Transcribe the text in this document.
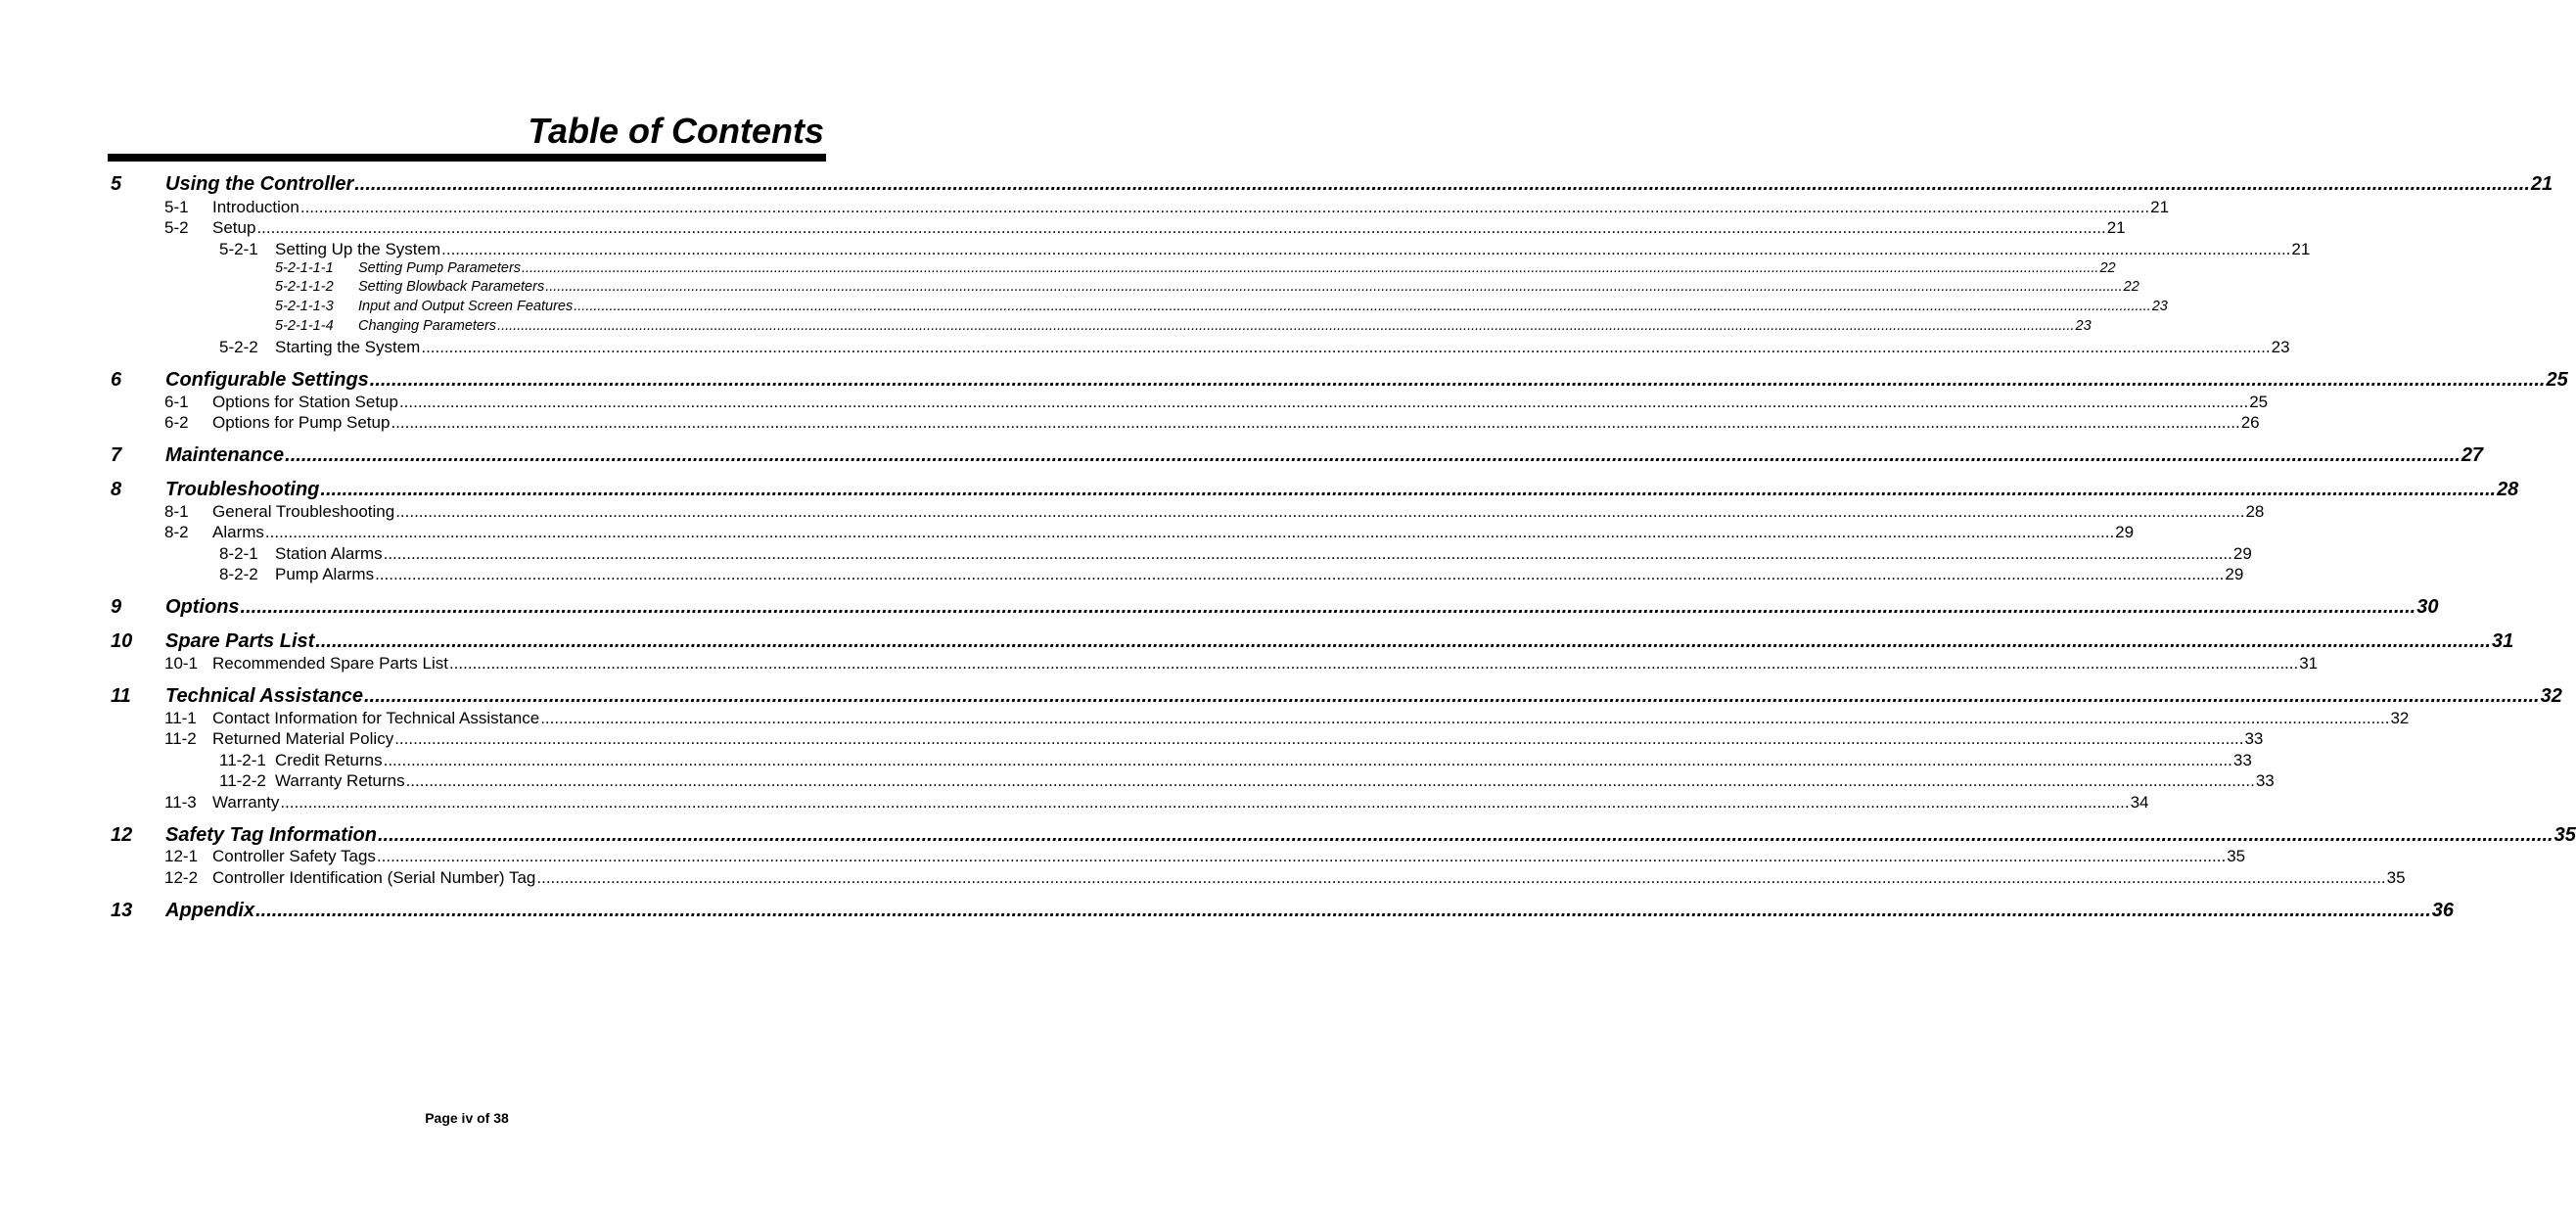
Table of Contents
5	Using the Controller ................................................................................................................................................................................................................................................................................................................................................................................................................ 21
5-1	Introduction ................................................................................................................................................................................................................................................................................................................................................................................................................ 21
5-2	Setup ................................................................................................................................................................................................................................................................................................................................................................................................................ 21
5-2-1	Setting Up the System ................................................................................................................................................................................................................................................................................................................................................................................................................ 21
5-2-1-1-1	Setting Pump Parameters ................................................................................................................................................................................................................................................................................................................................................................................................................ 22
5-2-1-1-2	Setting Blowback Parameters ................................................................................................................................................................................................................................................................................................................................................................................................................ 22
5-2-1-1-3	Input and Output Screen Features ................................................................................................................................................................................................................................................................................................................................................................................................................ 23
5-2-1-1-4	Changing Parameters ................................................................................................................................................................................................................................................................................................................................................................................................................ 23
5-2-2	Starting the System ................................................................................................................................................................................................................................................................................................................................................................................................................ 23
6	Configurable Settings ................................................................................................................................................................................................................................................................................................................................................................................................................ 25
6-1	Options for Station Setup ................................................................................................................................................................................................................................................................................................................................................................................................................ 25
6-2	Options for Pump Setup ................................................................................................................................................................................................................................................................................................................................................................................................................ 26
7	Maintenance ................................................................................................................................................................................................................................................................................................................................................................................................................ 27
8	Troubleshooting ................................................................................................................................................................................................................................................................................................................................................................................................................ 28
8-1	General Troubleshooting ................................................................................................................................................................................................................................................................................................................................................................................................................ 28
8-2	Alarms ................................................................................................................................................................................................................................................................................................................................................................................................................ 29
8-2-1	Station Alarms ................................................................................................................................................................................................................................................................................................................................................................................................................ 29
8-2-2	Pump Alarms ................................................................................................................................................................................................................................................................................................................................................................................................................ 29
9	Options ................................................................................................................................................................................................................................................................................................................................................................................................................ 30
10	Spare Parts List ................................................................................................................................................................................................................................................................................................................................................................................................................ 31
10-1 Recommended Spare Parts List ................................................................................................................................................................................................................................................................................................................................................................................................................ 31
11	Technical Assistance ................................................................................................................................................................................................................................................................................................................................................................................................................ 32
11-1 Contact Information for Technical Assistance ................................................................................................................................................................................................................................................................................................................................................................................................................ 32
11-2 Returned Material Policy ................................................................................................................................................................................................................................................................................................................................................................................................................ 33
11-2-1 Credit Returns ................................................................................................................................................................................................................................................................................................................................................................................................................ 33
11-2-2 Warranty Returns ................................................................................................................................................................................................................................................................................................................................................................................................................ 33
11-3 Warranty ................................................................................................................................................................................................................................................................................................................................................................................................................ 34
12	Safety Tag Information ................................................................................................................................................................................................................................................................................................................................................................................................................ 35
12-1 Controller Safety Tags ................................................................................................................................................................................................................................................................................................................................................................................................................ 35
12-2 Controller Identification (Serial Number) Tag ................................................................................................................................................................................................................................................................................................................................................................................................................ 35
13	Appendix ................................................................................................................................................................................................................................................................................................................................................................................................................ 36
Page iv of 38
